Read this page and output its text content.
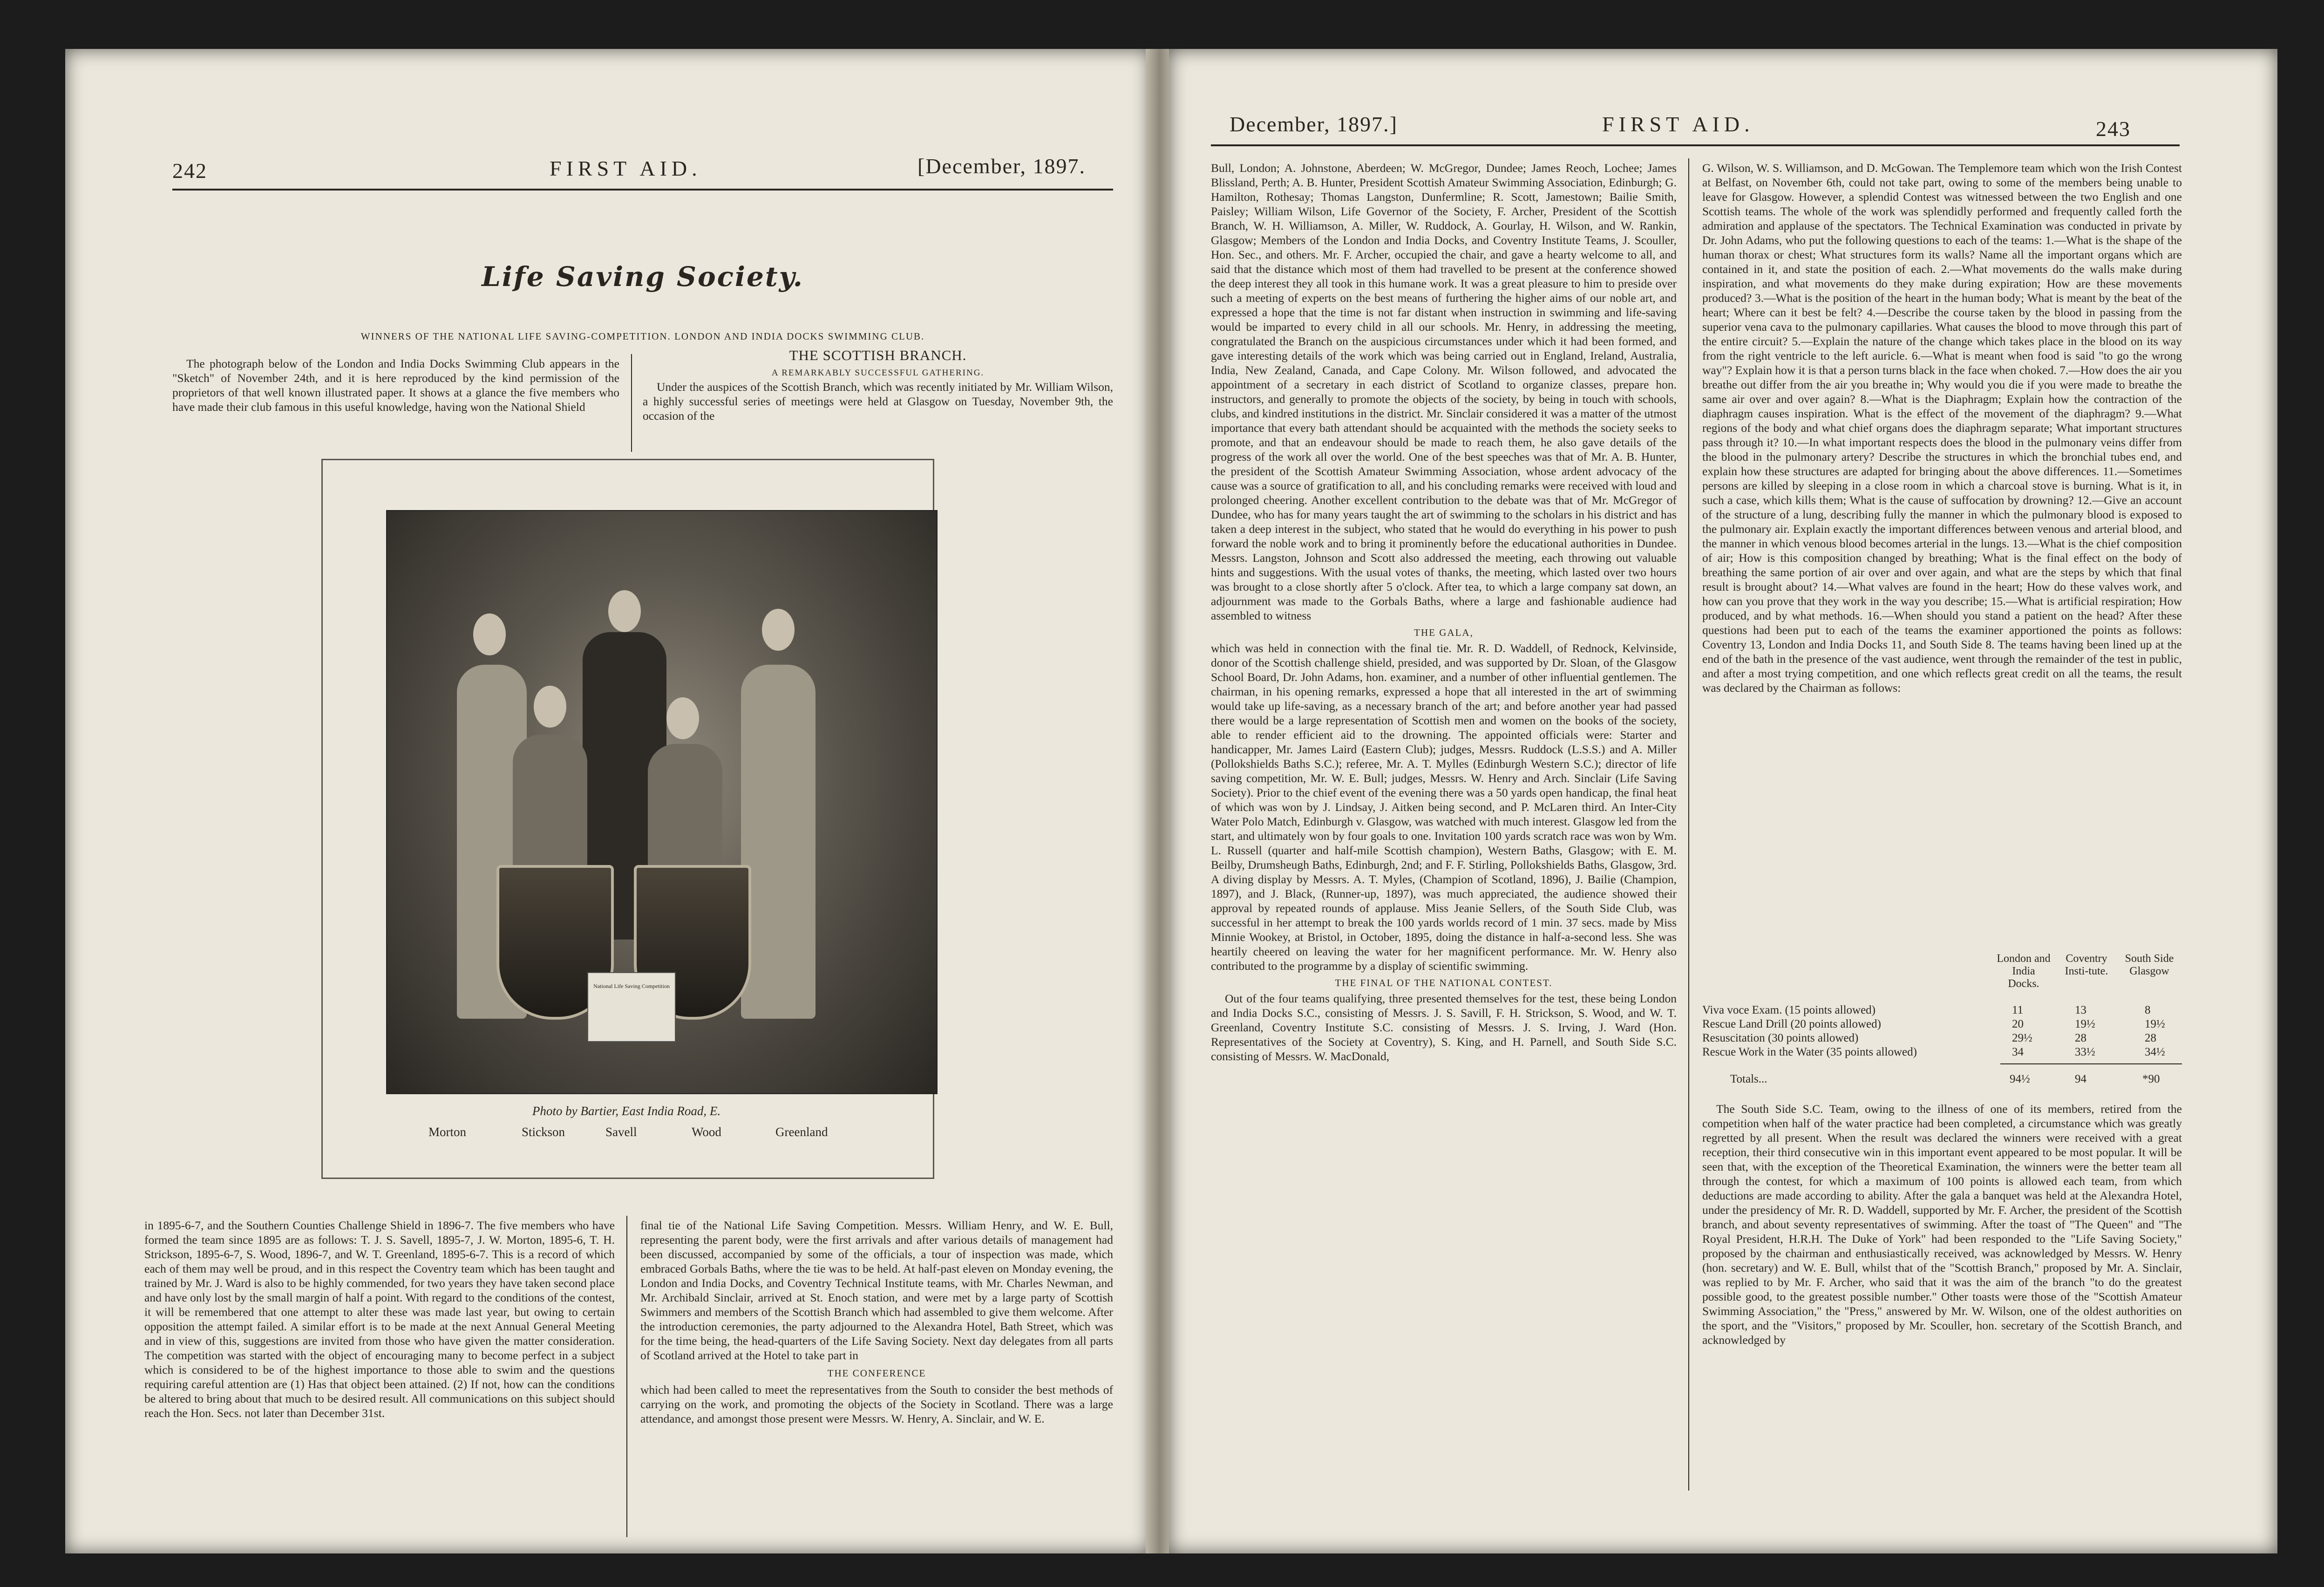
242	FIRST AID.	[December, 1897.
Life Saving Society.
WINNERS OF THE NATIONAL LIFE SAVING-COMPETITION. LONDON AND INDIA DOCKS SWIMMING CLUB.

The photograph below of the London and India Docks Swimming Club appears in the "Sketch" of November 24th, and it is here reproduced by the kind permission of the proprietors of that well known illustrated paper. It shows at a glance the five members who have made their club famous in this useful knowledge, having won the National Shield

THE SCOTTISH BRANCH.
A REMARKABLY SUCCESSFUL GATHERING.

Under the auspices of the Scottish Branch, which was recently initiated by Mr. William Wilson, a highly successful series of meetings were held at Glasgow on Tuesday, November 9th, the occasion of the

National Life Saving Competition
Photo by Bartier, East India Road, E.
Morton	Stickson	Savell	Wood	Greenland

in 1895-6-7, and the Southern Counties Challenge Shield in 1896-7. The five members who have formed the team since 1895 are as follows: T. J. S. Savell, 1895-7, J. W. Morton, 1895-6, T. H. Strickson, 1895-6-7, S. Wood, 1896-7, and W. T. Greenland, 1895-6-7. This is a record of which each of them may well be proud, and in this respect the Coventry team which has been taught and trained by Mr. J. Ward is also to be highly commended, for two years they have taken second place and have only lost by the small margin of half a point. With regard to the conditions of the contest, it will be remembered that one attempt to alter these was made last year, but owing to certain opposition the attempt failed. A similar effort is to be made at the next Annual General Meeting and in view of this, suggestions are invited from those who have given the matter consideration. The competition was started with the object of encouraging many to become perfect in a subject which is considered to be of the highest importance to those able to swim and the questions requiring careful attention are (1) Has that object been attained. (2) If not, how can the conditions be altered to bring about that much to be desired result. All communications on this subject should reach the Hon. Secs. not later than December 31st.

final tie of the National Life Saving Competition. Messrs. William Henry, and W. E. Bull, representing the parent body, were the first arrivals and after various details of management had been discussed, accompanied by some of the officials, a tour of inspection was made, which embraced Gorbals Baths, where the tie was to be held. At half-past eleven on Monday evening, the London and India Docks, and Coventry Technical Institute teams, with Mr. Charles Newman, and Mr. Archibald Sinclair, arrived at St. Enoch station, and were met by a large party of Scottish Swimmers and members of the Scottish Branch which had assembled to give them welcome. After the introduction ceremonies, the party adjourned to the Alexandra Hotel, Bath Street, which was for the time being, the head-quarters of the Life Saving Society. Next day delegates from all parts of Scotland arrived at the Hotel to take part in

THE CONFERENCE

which had been called to meet the representatives from the South to consider the best methods of carrying on the work, and promoting the objects of the Society in Scotland. There was a large attendance, and amongst those present were Messrs. W. Henry, A. Sinclair, and W. E.

December, 1897.]	FIRST AID.	243

Bull, London; A. Johnstone, Aberdeen; W. McGregor, Dundee; James Reoch, Lochee; James Blissland, Perth; A. B. Hunter, President Scottish Amateur Swimming Association, Edinburgh; G. Hamilton, Rothesay; Thomas Langston, Dunfermline; R. Scott, Jamestown; Bailie Smith, Paisley; William Wilson, Life Governor of the Society, F. Archer, President of the Scottish Branch, W. H. Williamson, A. Miller, W. Ruddock, A. Gourlay, H. Wilson, and W. Rankin, Glasgow; Members of the London and India Docks, and Coventry Institute Teams, J. Scouller, Hon. Sec., and others. Mr. F. Archer, occupied the chair, and gave a hearty welcome to all, and said that the distance which most of them had travelled to be present at the conference showed the deep interest they all took in this humane work. It was a great pleasure to him to preside over such a meeting of experts on the best means of furthering the higher aims of our noble art, and expressed a hope that the time is not far distant when instruction in swimming and life-saving would be imparted to every child in all our schools. Mr. Henry, in addressing the meeting, congratulated the Branch on the auspicious circumstances under which it had been formed, and gave interesting details of the work which was being carried out in England, Ireland, Australia, India, New Zealand, Canada, and Cape Colony. Mr. Wilson followed, and advocated the appointment of a secretary in each district of Scotland to organize classes, prepare hon. instructors, and generally to promote the objects of the society, by being in touch with schools, clubs, and kindred institutions in the district. Mr. Sinclair considered it was a matter of the utmost importance that every bath attendant should be acquainted with the methods the society seeks to promote, and that an endeavour should be made to reach them, he also gave details of the progress of the work all over the world. One of the best speeches was that of Mr. A. B. Hunter, the president of the Scottish Amateur Swimming Association, whose ardent advocacy of the cause was a source of gratification to all, and his concluding remarks were received with loud and prolonged cheering. Another excellent contribution to the debate was that of Mr. McGregor of Dundee, who has for many years taught the art of swimming to the scholars in his district and has taken a deep interest in the subject, who stated that he would do everything in his power to push forward the noble work and to bring it prominently before the educational authorities in Dundee. Messrs. Langston, Johnson and Scott also addressed the meeting, each throwing out valuable hints and suggestions. With the usual votes of thanks, the meeting, which lasted over two hours was brought to a close shortly after 5 o'clock. After tea, to which a large company sat down, an adjournment was made to the Gorbals Baths, where a large and fashionable audience had assembled to witness

THE GALA,

which was held in connection with the final tie. Mr. R. D. Waddell, of Rednock, Kelvinside, donor of the Scottish challenge shield, presided, and was supported by Dr. Sloan, of the Glasgow School Board, Dr. John Adams, hon. examiner, and a number of other influential gentlemen. The chairman, in his opening remarks, expressed a hope that all interested in the art of swimming would take up life-saving, as a necessary branch of the art; and before another year had passed there would be a large representation of Scottish men and women on the books of the society, able to render efficient aid to the drowning. The appointed officials were: Starter and handicapper, Mr. James Laird (Eastern Club); judges, Messrs. Ruddock (L.S.S.) and A. Miller (Pollokshields Baths S.C.); referee, Mr. A. T. Mylles (Edinburgh Western S.C.); director of life saving competition, Mr. W. E. Bull; judges, Messrs. W. Henry and Arch. Sinclair (Life Saving Society). Prior to the chief event of the evening there was a 50 yards open handicap, the final heat of which was won by J. Lindsay, J. Aitken being second, and P. McLaren third. An Inter-City Water Polo Match, Edinburgh v. Glasgow, was watched with much interest. Glasgow led from the start, and ultimately won by four goals to one. Invitation 100 yards scratch race was won by Wm. L. Russell (quarter and half-mile Scottish champion), Western Baths, Glasgow; with E. M. Beilby, Drumsheugh Baths, Edinburgh, 2nd; and F. F. Stirling, Pollokshields Baths, Glasgow, 3rd. A diving display by Messrs. A. T. Myles, (Champion of Scotland, 1896), J. Bailie (Champion, 1897), and J. Black, (Runner-up, 1897), was much appreciated, the audience showed their approval by repeated rounds of applause. Miss Jeanie Sellers, of the South Side Club, was successful in her attempt to break the 100 yards worlds record of 1 min. 37 secs. made by Miss Minnie Wookey, at Bristol, in October, 1895, doing the distance in half-a-second less. She was heartily cheered on leaving the water for her magnificent performance. Mr. W. Henry also contributed to the programme by a display of scientific swimming.

THE FINAL OF THE NATIONAL CONTEST.

Out of the four teams qualifying, three presented themselves for the test, these being London and India Docks S.C., consisting of Messrs. J. S. Savill, F. H. Strickson, S. Wood, and W. T. Greenland, Coventry Institute S.C. consisting of Messrs. J. S. Irving, J. Ward (Hon. Representatives of the Society at Coventry), S. King, and H. Parnell, and South Side S.C. consisting of Messrs. W. MacDonald,

G. Wilson, W. S. Williamson, and D. McGowan. The Templemore team which won the Irish Contest at Belfast, on November 6th, could not take part, owing to some of the members being unable to leave for Glasgow. However, a splendid Contest was witnessed between the two English and one Scottish teams. The whole of the work was splendidly performed and frequently called forth the admiration and applause of the spectators. The Technical Examination was conducted in private by Dr. John Adams, who put the following questions to each of the teams: 1.—What is the shape of the human thorax or chest; What structures form its walls? Name all the important organs which are contained in it, and state the position of each. 2.—What movements do the walls make during inspiration, and what movements do they make during expiration; How are these movements produced? 3.—What is the position of the heart in the human body; What is meant by the beat of the heart; Where can it best be felt? 4.—Describe the course taken by the blood in passing from the superior vena cava to the pulmonary capillaries. What causes the blood to move through this part of the entire circuit? 5.—Explain the nature of the change which takes place in the blood on its way from the right ventricle to the left auricle. 6.—What is meant when food is said "to go the wrong way"? Explain how it is that a person turns black in the face when choked. 7.—How does the air you breathe out differ from the air you breathe in; Why would you die if you were made to breathe the same air over and over again? 8.—What is the Diaphragm; Explain how the contraction of the diaphragm causes inspiration. What is the effect of the movement of the diaphragm? 9.—What regions of the body and what chief organs does the diaphragm separate; What important structures pass through it? 10.—In what important respects does the blood in the pulmonary veins differ from the blood in the pulmonary artery? Describe the structures in which the bronchial tubes end, and explain how these structures are adapted for bringing about the above differences. 11.—Sometimes persons are killed by sleeping in a close room in which a charcoal stove is burning. What is it, in such a case, which kills them; What is the cause of suffocation by drowning? 12.—Give an account of the structure of a lung, describing fully the manner in which the pulmonary blood is exposed to the pulmonary air. Explain exactly the important differences between venous and arterial blood, and the manner in which venous blood becomes arterial in the lungs. 13.—What is the chief composition of air; How is this composition changed by breathing; What is the final effect on the body of breathing the same portion of air over and over again, and what are the steps by which that final result is brought about? 14.—What valves are found in the heart; How do these valves work, and how can you prove that they work in the way you describe; 15.—What is artificial respiration; How produced, and by what methods. 16.—When should you stand a patient on the head? After these questions had been put to each of the teams the examiner apportioned the points as follows: Coventry 13, London and India Docks 11, and South Side 8. The teams having been lined up at the end of the bath in the presence of the vast audience, went through the remainder of the test in public, and after a most trying competition, and one which reflects great credit on all the teams, the result was declared by the Chairman as follows:

London and India Docks.
Coventry Insti-tute.
South Side Glasgow
Viva voce Exam. (15 points allowed)	11	13	8
Rescue Land Drill (20 points allowed)	20	19½	19½
Resuscitation (30 points allowed)	29½	28	28
Rescue Work in the Water (35 points allowed)	34	33½	34½
Totals...	94½	94	*90

The South Side S.C. Team, owing to the illness of one of its members, retired from the competition when half of the water practice had been completed, a circumstance which was greatly regretted by all present. When the result was declared the winners were received with a great reception, their third consecutive win in this important event appeared to be most popular. It will be seen that, with the exception of the Theoretical Examination, the winners were the better team all through the contest, for which a maximum of 100 points is allowed each team, from which deductions are made according to ability. After the gala a banquet was held at the Alexandra Hotel, under the presidency of Mr. R. D. Waddell, supported by Mr. F. Archer, the president of the Scottish branch, and about seventy representatives of swimming. After the toast of "The Queen" and "The Royal President, H.R.H. The Duke of York" had been responded to the "Life Saving Society," proposed by the chairman and enthusiastically received, was acknowledged by Messrs. W. Henry (hon. secretary) and W. E. Bull, whilst that of the "Scottish Branch," proposed by Mr. A. Sinclair, was replied to by Mr. F. Archer, who said that it was the aim of the branch "to do the greatest possible good, to the greatest possible number." Other toasts were those of the "Scottish Amateur Swimming Association," the "Press," answered by Mr. W. Wilson, one of the oldest authorities on the sport, and the "Visitors," proposed by Mr. Scouller, hon. secretary of the Scottish Branch, and acknowledged by
